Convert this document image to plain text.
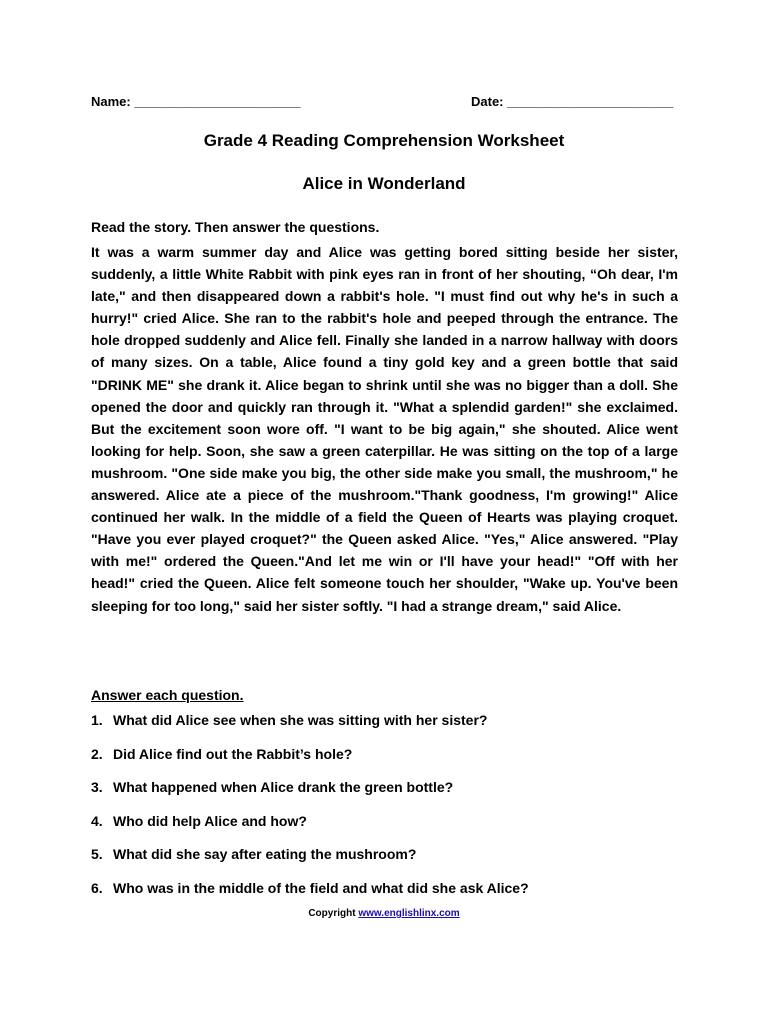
Name: _______________________	Date: _______________________
Grade 4 Reading Comprehension Worksheet
Alice in Wonderland
Read the story. Then answer the questions.

It was a warm summer day and Alice was getting bored sitting beside her sister, suddenly, a little White Rabbit with pink eyes ran in front of her shouting, “Oh dear, I'm late," and then disappeared down a rabbit's hole. "I must find out why he's in such a hurry!" cried Alice. She ran to the rabbit's hole and peeped through the entrance. The hole dropped suddenly and Alice fell. Finally she landed in a narrow hallway with doors of many sizes. On a table, Alice found a tiny gold key and a green bottle that said "DRINK ME" she drank it. Alice began to shrink until she was no bigger than a doll. She opened the door and quickly ran through it. "What a splendid garden!" she exclaimed. But the excitement soon wore off. "I want to be big again," she shouted. Alice went looking for help. Soon, she saw a green caterpillar. He was sitting on the top of a large mushroom. "One side make you big, the other side make you small, the mushroom," he answered. Alice ate a piece of the mushroom."Thank goodness, I'm growing!" Alice continued her walk. In the middle of a field the Queen of Hearts was playing croquet. "Have you ever played croquet?" the Queen asked Alice. "Yes," Alice answered. "Play with me!" ordered the Queen."And let me win or I'll have your head!" "Off with her head!" cried the Queen. Alice felt someone touch her shoulder, "Wake up. You've been sleeping for too long," said her sister softly. "I had a strange dream," said Alice.

Answer each question.
1. What did Alice see when she was sitting with her sister?
2. Did Alice find out the Rabbit’s hole?
3. What happened when Alice drank the green bottle?
4. Who did help Alice and how?
5. What did she say after eating the mushroom?
6. Who was in the middle of the field and what did she ask Alice?
Copyright www.englishlinx.com
